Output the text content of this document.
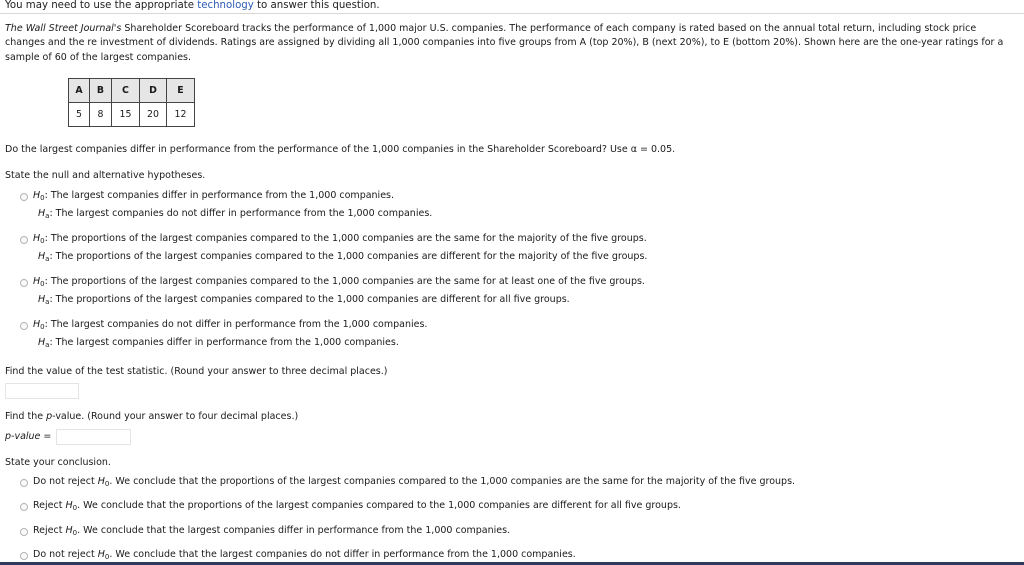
You may need to use the appropriate technology to answer this question.
The Wall Street Journal's Shareholder Scoreboard tracks the performance of 1,000 major U.S. companies. The performance of each company is rated based on the annual total return, including stock price changes and the re investment of dividends. Ratings are assigned by dividing all 1,000 companies into five groups from A (top 20%), B (next 20%), to E (bottom 20%). Shown here are the one-year ratings for a sample of 60 of the largest companies.
A	B	C	D	E
5	8	15	20	12
Do the largest companies differ in performance from the performance of the 1,000 companies in the Shareholder Scoreboard? Use α = 0.05.
State the null and alternative hypotheses.
$H_0$: The largest companies differ in performance from the 1,000 companies.
$H_a$: The largest companies do not differ in performance from the 1,000 companies.
$H_0$: The proportions of the largest companies compared to the 1,000 companies are the same for the majority of the five groups.
$H_a$: The proportions of the largest companies compared to the 1,000 companies are different for the majority of the five groups.
$H_0$: The proportions of the largest companies compared to the 1,000 companies are the same for at least one of the five groups.
$H_a$: The proportions of the largest companies compared to the 1,000 companies are different for all five groups.
$H_0$: The largest companies do not differ in performance from the 1,000 companies.
$H_a$: The largest companies differ in performance from the 1,000 companies.
Find the value of the test statistic. (Round your answer to three decimal places.)
Find the p-value. (Round your answer to four decimal places.)
p-value =
State your conclusion.
Do not reject $H_0$. We conclude that the proportions of the largest companies compared to the 1,000 companies are the same for the majority of the five groups.
Reject $H_0$. We conclude that the proportions of the largest companies compared to the 1,000 companies are different for all five groups.
Reject $H_0$. We conclude that the largest companies differ in performance from the 1,000 companies.
Do not reject $H_0$. We conclude that the largest companies do not differ in performance from the 1,000 companies.
